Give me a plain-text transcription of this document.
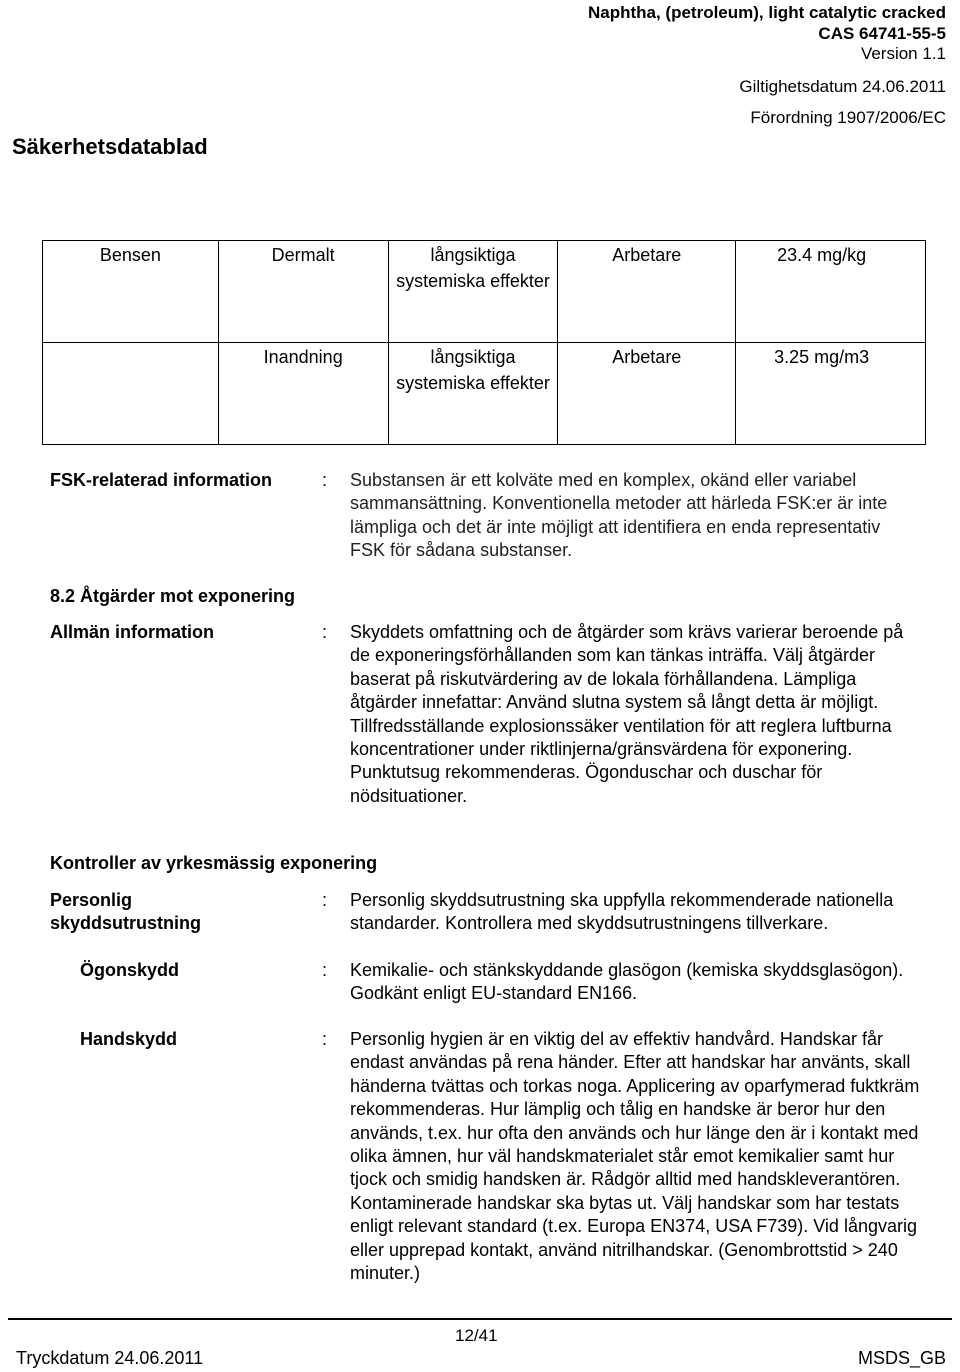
Naphtha, (petroleum), light catalytic cracked
CAS 64741-55-5
Version 1.1
Giltighetsdatum 24.06.2011
Förordning 1907/2006/EC
Säkerhetsdatablad
Bensen	Dermalt	långsiktiga systemiska effekter	Arbetare	23.4 mg/kg
	Inandning	långsiktiga systemiska effekter	Arbetare	3.25 mg/m3
FSK-relaterad information	: Substansen är ett kolväte med en komplex, okänd eller variabel sammansättning. Konventionella metoder att härleda FSK:er är inte lämpliga och det är inte möjligt att identifiera en enda representativ FSK för sådana substanser.
8.2 Åtgärder mot exponering
Allmän information	: Skyddets omfattning och de åtgärder som krävs varierar beroende på de exponeringsförhållanden som kan tänkas inträffa. Välj åtgärder baserat på riskutvärdering av de lokala förhållandena. Lämpliga åtgärder innefattar: Använd slutna system så långt detta är möjligt. Tillfredsställande explosionssäker ventilation för att reglera luftburna koncentrationer under riktlinjerna/gränsvärdena för exponering. Punktutsug rekommenderas. Ögonduschar och duschar för nödsituationer.
Kontroller av yrkesmässig exponering
Personlig skyddsutrustning
: Personlig skyddsutrustning ska uppfylla rekommenderade nationella standarder. Kontrollera med skyddsutrustningens tillverkare.
Ögonskydd	: Kemikalie- och stänkskyddande glasögon (kemiska skyddsglasögon).
Godkänt enligt EU-standard EN166.
Handskydd	: Personlig hygien är en viktig del av effektiv handvård. Handskar får endast användas på rena händer. Efter att handskar har använts, skall händerna tvättas och torkas noga. Applicering av oparfymerad fuktkräm rekommenderas. Hur lämplig och tålig en handske är beror hur den används, t.ex. hur ofta den används och hur länge den är i kontakt med olika ämnen, hur väl handskmaterialet står emot kemikalier samt hur tjock och smidig handsken är. Rådgör alltid med handskleverantören. Kontaminerade handskar ska bytas ut. Välj handskar som har testats enligt relevant standard (t.ex. Europa EN374, USA F739). Vid långvarig eller upprepad kontakt, använd nitrilhandskar. (Genombrottstid > 240 minuter.)
12/41
Tryckdatum 24.06.2011	MSDS_GB
